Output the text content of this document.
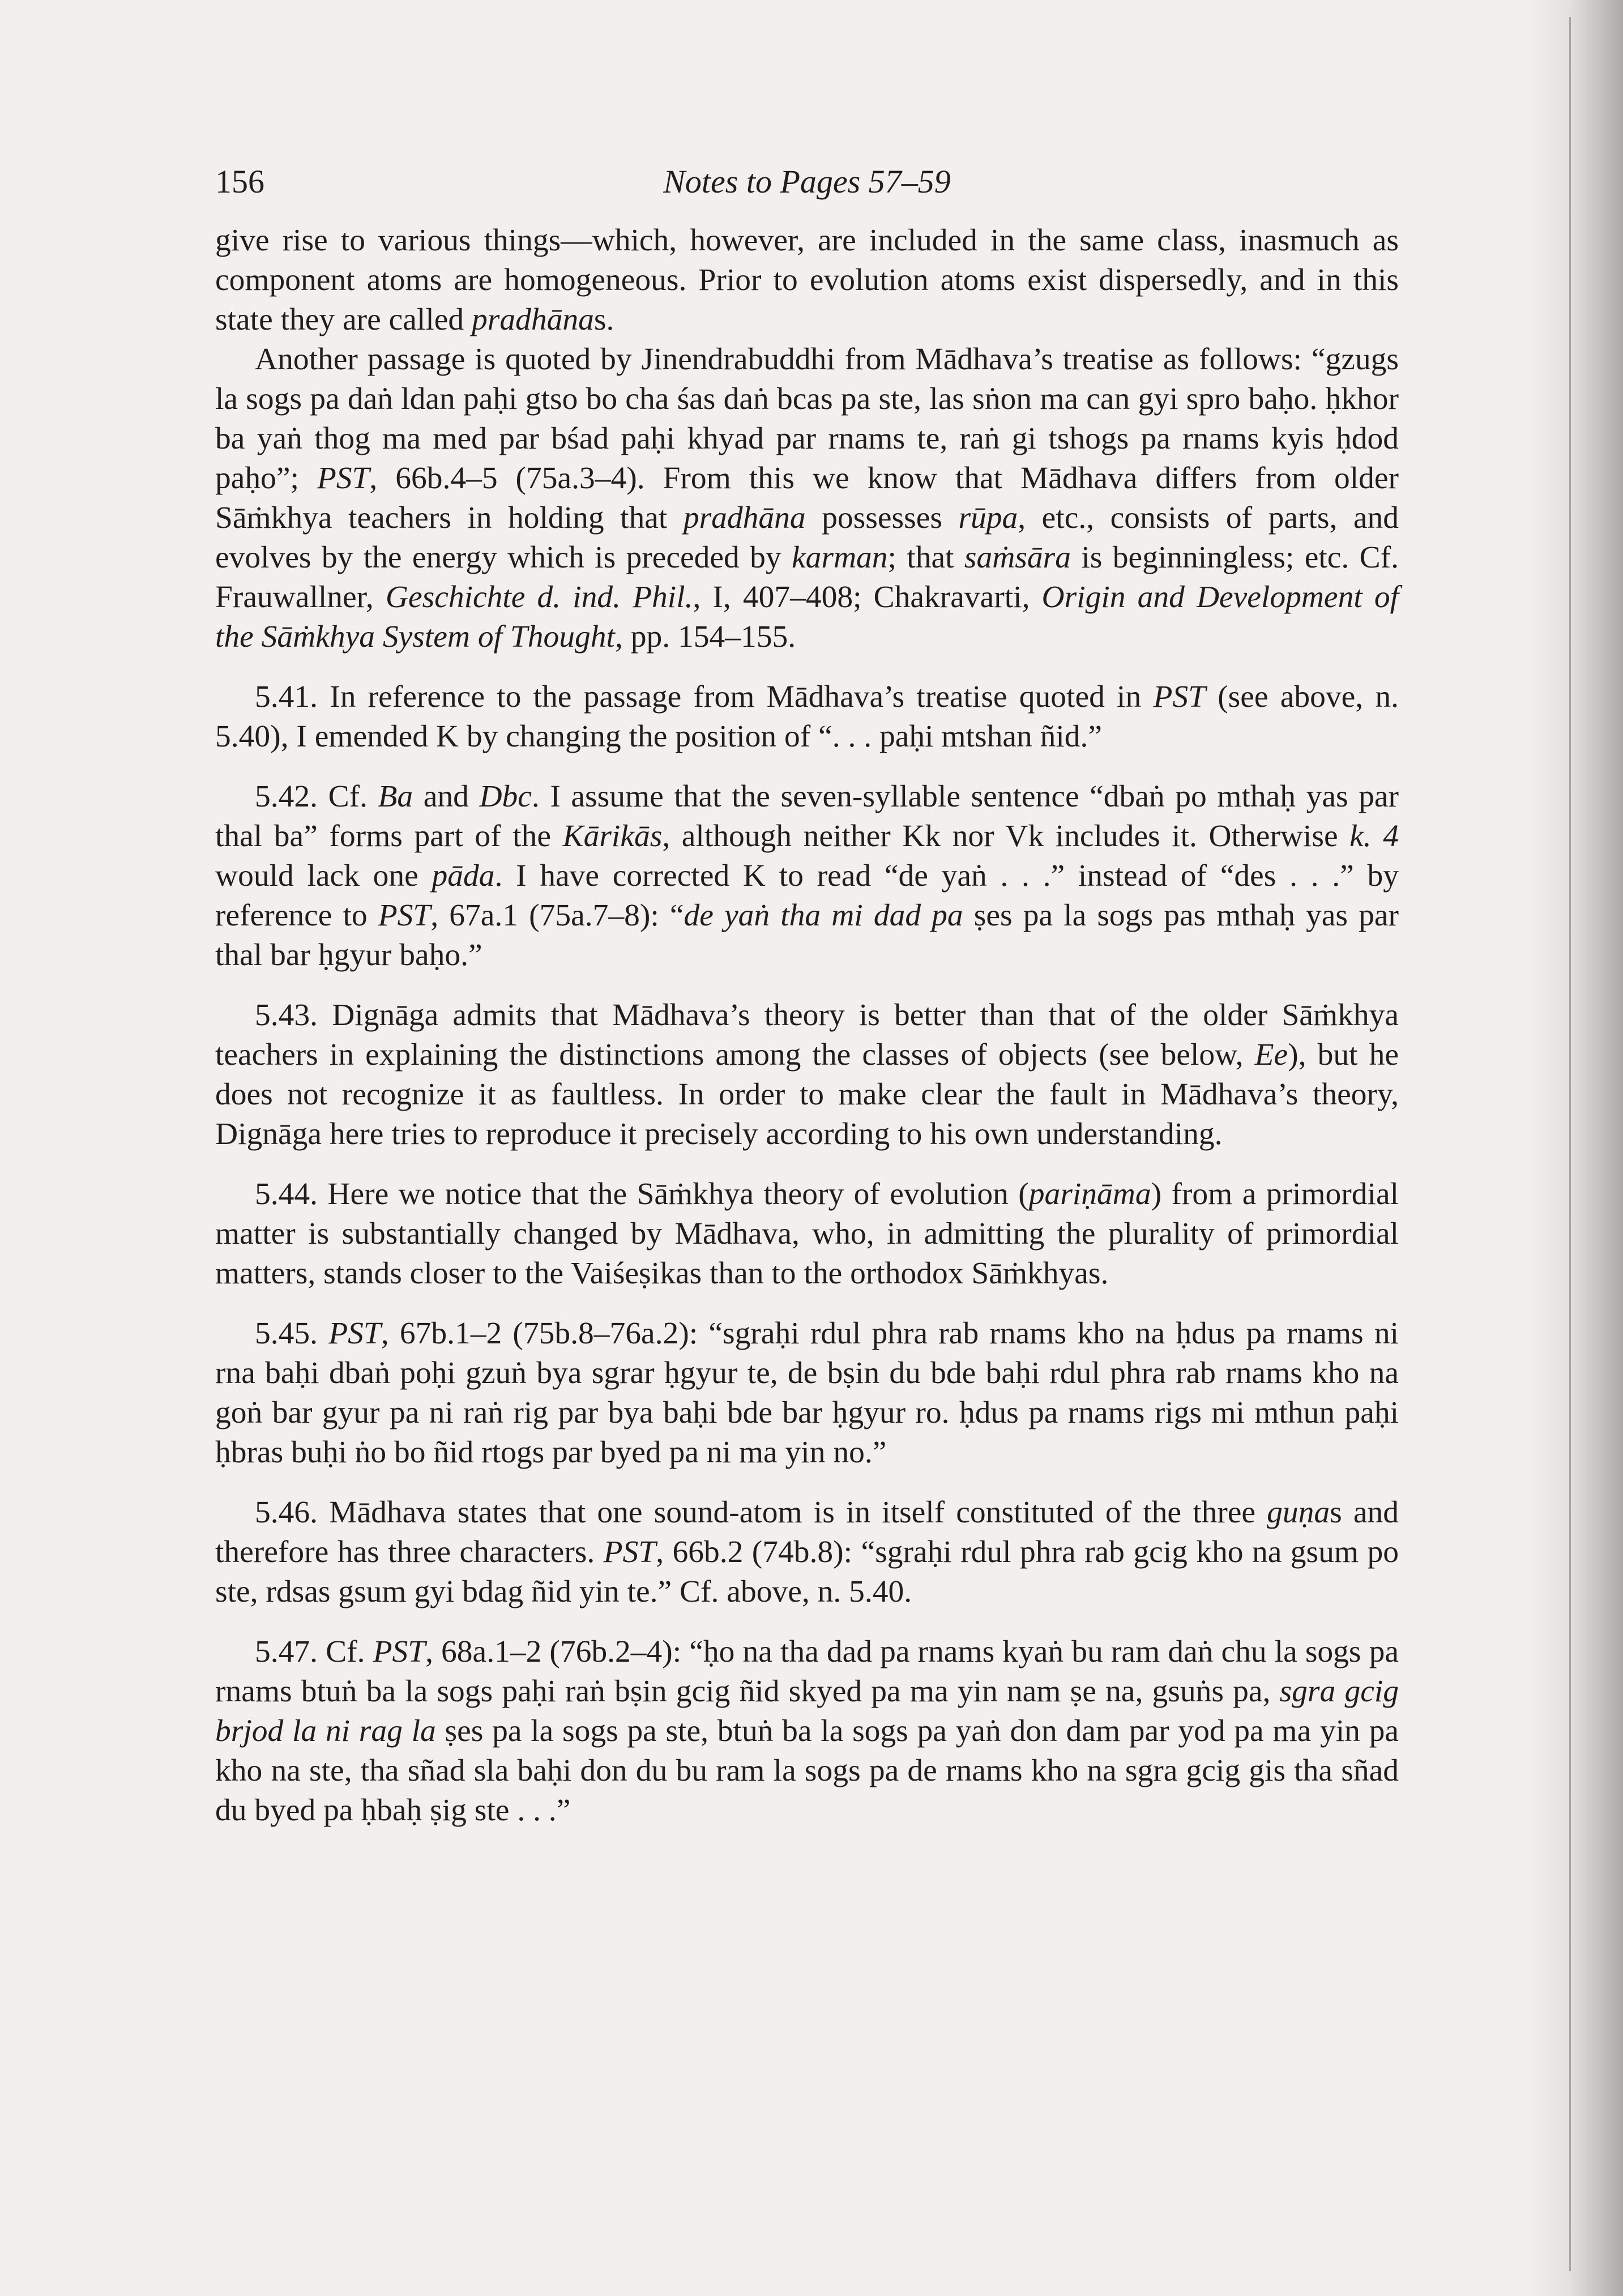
156	Notes to Pages 57–59

give rise to various things—which, however, are included in the same class, inasmuch as component atoms are homogeneous. Prior to evolution atoms exist dispersedly, and in this state they are called pradhānas.

Another passage is quoted by Jinendrabuddhi from Mādhava’s treatise as follows: “gzugs la sogs pa daṅ ldan paḥi gtso bo cha śas daṅ bcas pa ste, las sṅon ma can gyi spro baḥo. ḥkhor ba yaṅ thog ma med par bśad paḥi khyad par rnams te, raṅ gi tshogs pa rnams kyis ḥdod paḥo”; PST, 66b.4–5 (75a.3–4). From this we know that Mādhava differs from older Sāṁkhya teachers in holding that pradhāna possesses rūpa, etc., consists of parts, and evolves by the energy which is preceded by karman; that saṁsāra is beginningless; etc. Cf. Frauwallner, Geschichte d. ind. Phil., I, 407–408; Chakravarti, Origin and Development of the Sāṁkhya System of Thought, pp. 154–155.

5.41. In reference to the passage from Mādhava’s treatise quoted in PST (see above, n. 5.40), I emended K by changing the position of “. . . paḥi mtshan ñid.”

5.42. Cf. Ba and Dbc. I assume that the seven-syllable sentence “dbaṅ po mthaḥ yas par thal ba” forms part of the Kārikās, although neither Kk nor Vk includes it. Otherwise k. 4 would lack one pāda. I have corrected K to read “de yaṅ . . .” instead of “des . . .” by reference to PST, 67a.1 (75a.7–8): “de yaṅ tha mi dad pa ṣes pa la sogs pas mthaḥ yas par thal bar ḥgyur baḥo.”

5.43. Dignāga admits that Mādhava’s theory is better than that of the older Sāṁkhya teachers in explaining the distinctions among the classes of objects (see below, Ee), but he does not recognize it as faultless. In order to make clear the fault in Mādhava’s theory, Dignāga here tries to reproduce it precisely according to his own understanding.

5.44. Here we notice that the Sāṁkhya theory of evolution (pariṇāma) from a primordial matter is substantially changed by Mādhava, who, in admitting the plurality of primordial matters, stands closer to the Vaiśeṣikas than to the orthodox Sāṁkhyas.

5.45. PST, 67b.1–2 (75b.8–76a.2): “sgraḥi rdul phra rab rnams kho na ḥdus pa rnams ni rna baḥi dbaṅ poḥi gzuṅ bya sgrar ḥgyur te, de bṣin du bde baḥi rdul phra rab rnams kho na goṅ bar gyur pa ni raṅ rig par bya baḥi bde bar ḥgyur ro. ḥdus pa rnams rigs mi mthun paḥi ḥbras buḥi ṅo bo ñid rtogs par byed pa ni ma yin no.”

5.46. Mādhava states that one sound-atom is in itself constituted of the three guṇas and therefore has three characters. PST, 66b.2 (74b.8): “sgraḥi rdul phra rab gcig kho na gsum po ste, rdsas gsum gyi bdag ñid yin te.” Cf. above, n. 5.40.

5.47. Cf. PST, 68a.1–2 (76b.2–4): “ḥo na tha dad pa rnams kyaṅ bu ram daṅ chu la sogs pa rnams btuṅ ba la sogs paḥi raṅ bṣin gcig ñid skyed pa ma yin nam ṣe na, gsuṅs pa, sgra gcig brjod la ni rag la ṣes pa la sogs pa ste, btuṅ ba la sogs pa yaṅ don dam par yod pa ma yin pa kho na ste, tha sñad sla baḥi don du bu ram la sogs pa de rnams kho na sgra gcig gis tha sñad du byed pa ḥbaḥ ṣig ste . . .”
